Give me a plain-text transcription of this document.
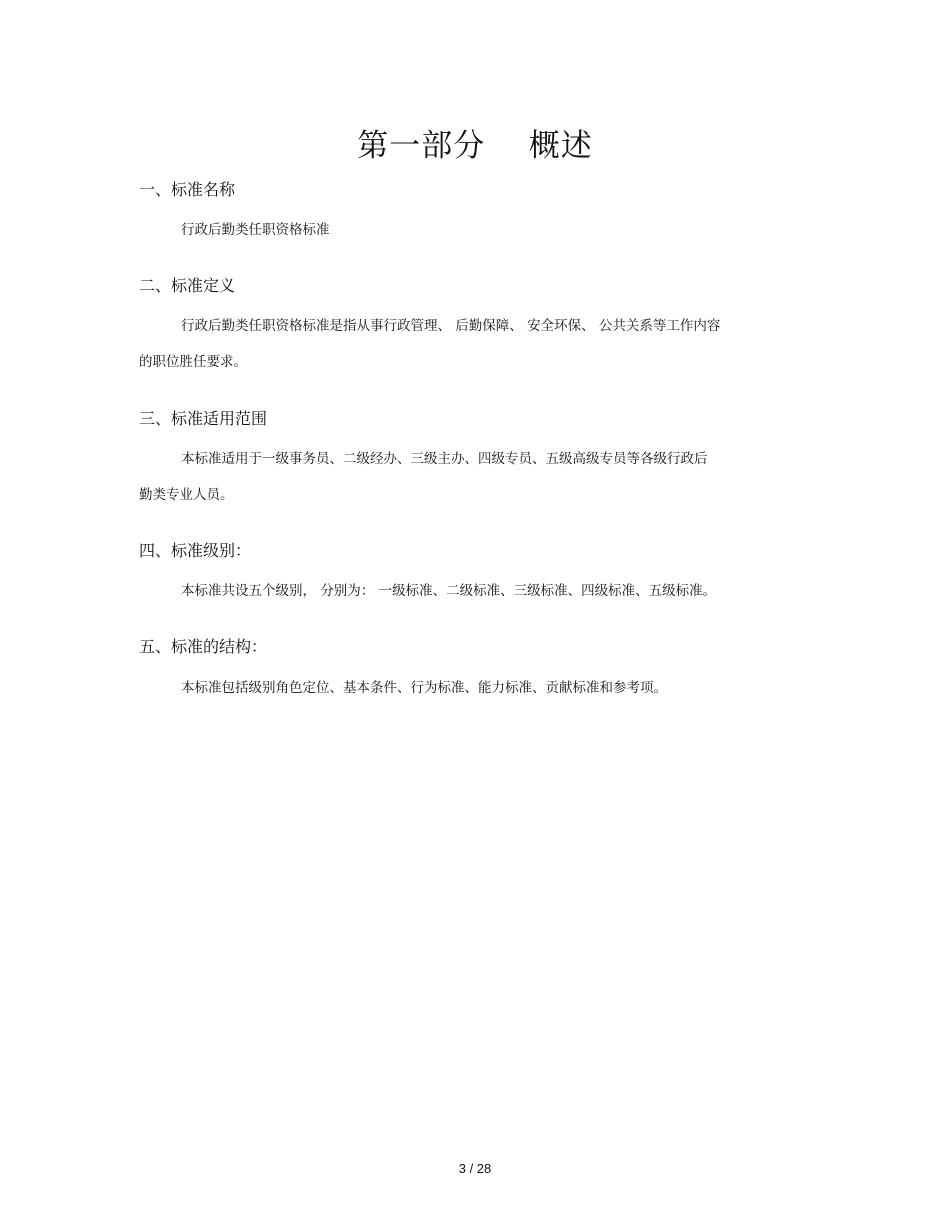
第一部分    概述
一、标准名称
行政后勤类任职资格标准
二、标准定义
行政后勤类任职资格标准是指从事行政管理、 后勤保障、 安全环保、 公共关系等工作内容
的职位胜任要求。
三、标准适用范围
本标准适用于一级事务员、二级经办、三级主办、四级专员、五级高级专员等各级行政后
勤类专业人员。
四、标准级别：
本标准共设五个级别， 分别为： 一级标准、二级标准、三级标准、四级标准、五级标准。
五、标准的结构：
本标准包括级别角色定位、基本条件、行为标准、能力标准、贡献标准和参考项。
3 / 28
